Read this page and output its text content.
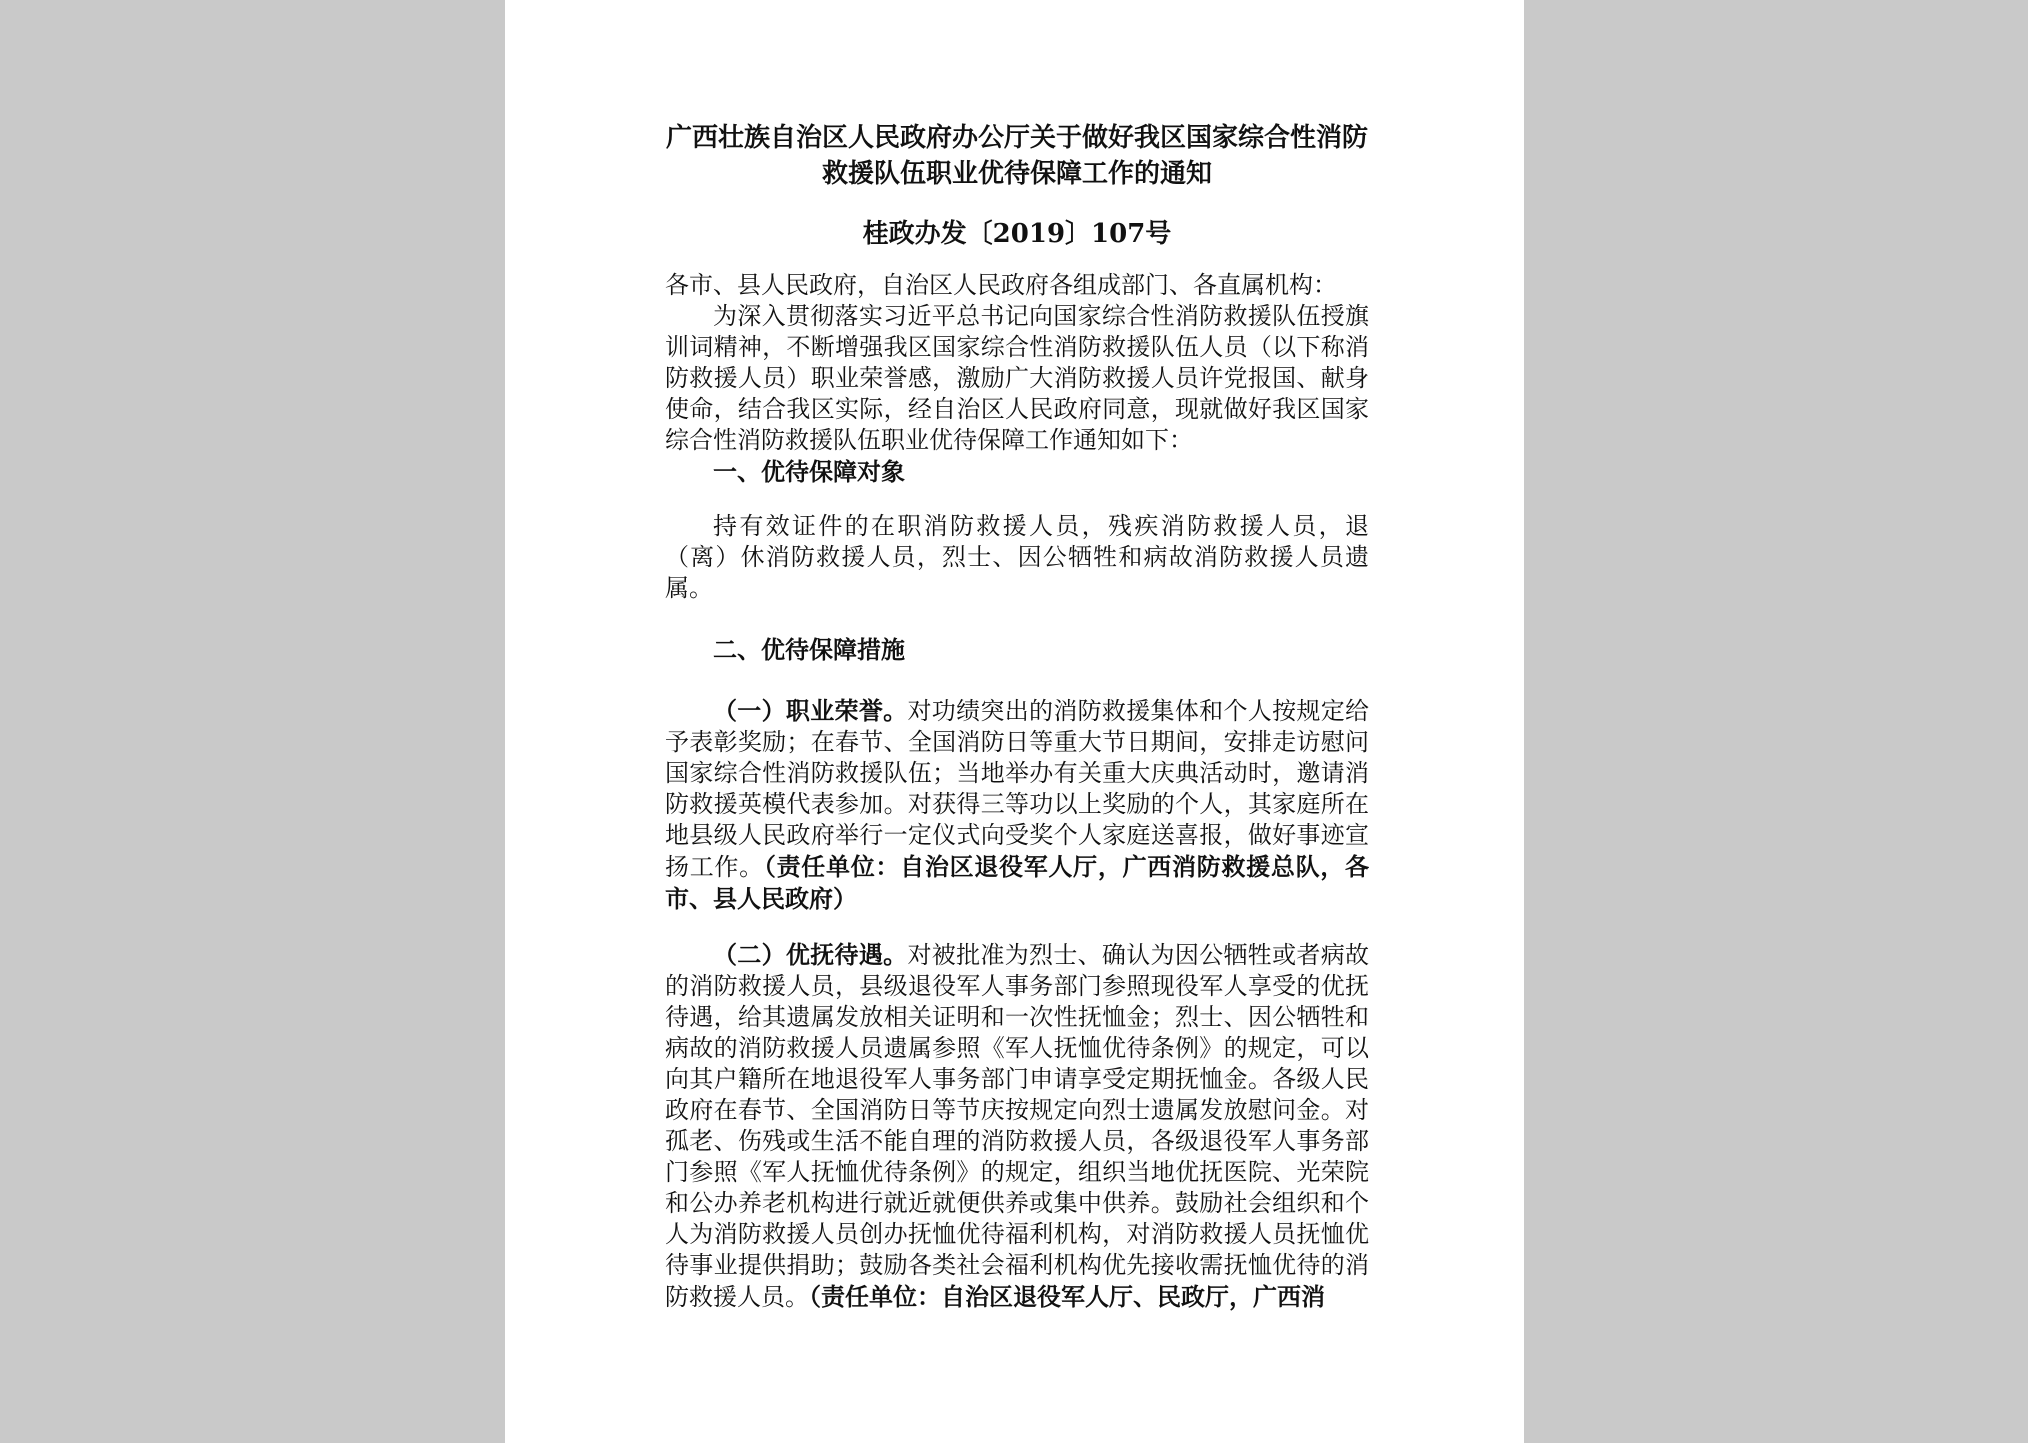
广西壮族自治区人民政府办公厅关于做好我区国家综合性消防救援队伍职业优待保障工作的通知

桂政办发〔2019〕107号

各市、县人民政府，自治区人民政府各组成部门、各直属机构：

为深入贯彻落实习近平总书记向国家综合性消防救援队伍授旗训词精神，不断增强我区国家综合性消防救援队伍人员（以下称消防救援人员）职业荣誉感，激励广大消防救援人员许党报国、献身使命，结合我区实际，经自治区人民政府同意，现就做好我区国家综合性消防救援队伍职业优待保障工作通知如下：

一、优待保障对象

持有效证件的在职消防救援人员，残疾消防救援人员，退（离）休消防救援人员，烈士、因公牺牲和病故消防救援人员遗属。

二、优待保障措施

（一）职业荣誉。对功绩突出的消防救援集体和个人按规定给予表彰奖励；在春节、全国消防日等重大节日期间，安排走访慰问国家综合性消防救援队伍；当地举办有关重大庆典活动时，邀请消防救援英模代表参加。对获得三等功以上奖励的个人，其家庭所在地县级人民政府举行一定仪式向受奖个人家庭送喜报，做好事迹宣扬工作。（责任单位：自治区退役军人厅，广西消防救援总队，各市、县人民政府）

（二）优抚待遇。对被批准为烈士、确认为因公牺牲或者病故的消防救援人员，县级退役军人事务部门参照现役军人享受的优抚待遇，给其遗属发放相关证明和一次性抚恤金；烈士、因公牺牲和病故的消防救援人员遗属参照《军人抚恤优待条例》的规定，可以向其户籍所在地退役军人事务部门申请享受定期抚恤金。各级人民政府在春节、全国消防日等节庆按规定向烈士遗属发放慰问金。对孤老、伤残或生活不能自理的消防救援人员，各级退役军人事务部门参照《军人抚恤优待条例》的规定，组织当地优抚医院、光荣院和公办养老机构进行就近就便供养或集中供养。鼓励社会组织和个人为消防救援人员创办抚恤优待福利机构，对消防救援人员抚恤优待事业提供捐助；鼓励各类社会福利机构优先接收需抚恤优待的消防救援人员。（责任单位：自治区退役军人厅、民政厅，广西消
